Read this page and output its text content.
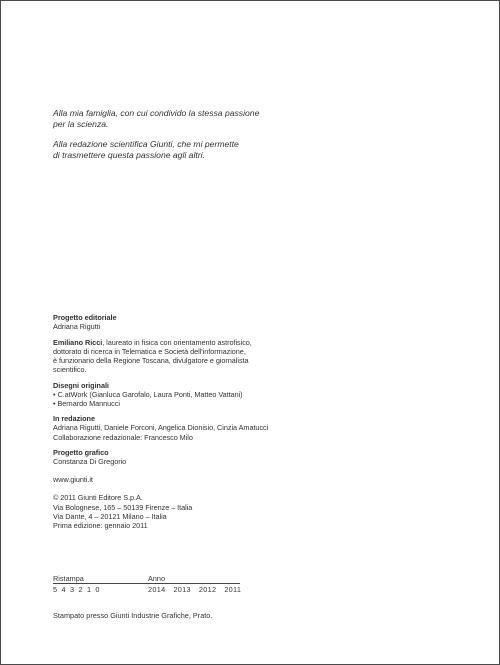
Alla mia famiglia, con cui condivido la stessa passione
per la scienza.

Alla redazione scientifica Giunti, che mi permette
di trasmettere questa passione agli altri.

Progetto editoriale
Adriana Rigutti
Emiliano Ricci, laureato in fisica con orientamento astrofisico,
dottorato di ricerca in Telematica e Società dell'informazione,
è funzionario della Regione Toscana, divulgatore e giornalista
scientifico.
Disegni originali
• C.atWork (Gianluca Garofalo, Laura Ponti, Matteo Vattani)
• Bernardo Mannucci
In redazione
Adriana Rigutti, Daniele Forconi, Angelica Dionisio, Cinzia Amatucci
Collaborazione redazionale: Francesco Milo
Progetto grafico
Constanza Di Gregorio
www.giunti.it
© 2011 Giunti Editore S.p.A.
Via Bolognese, 165 – 50139 Firenze – Italia
Via Dante, 4 – 20121 Milano – Italia
Prima edizione: gennaio 2011
Ristampa	Anno
5 4 3 2 1 0	2014 2013 2012 2011
Stampato presso Giunti Industrie Grafiche, Prato.
